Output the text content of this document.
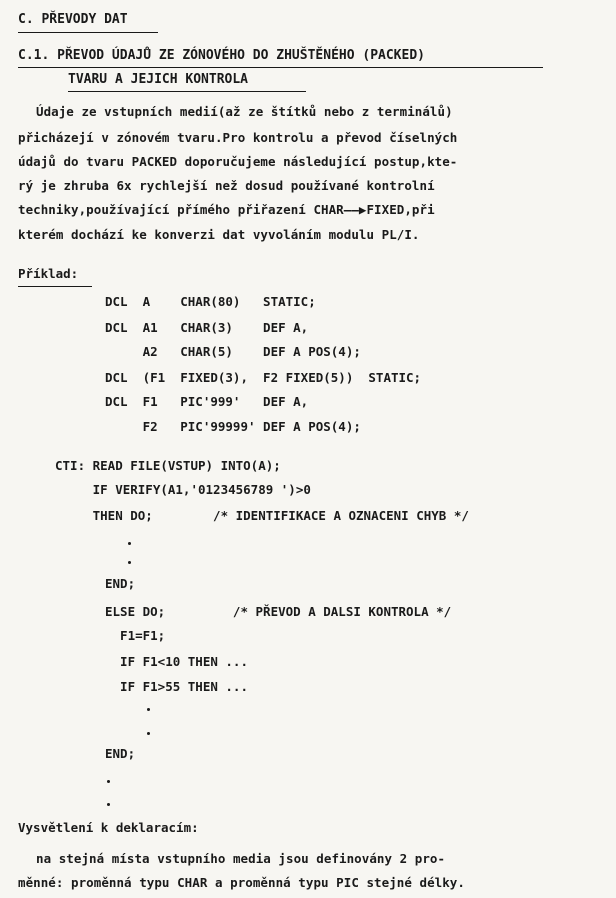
C. PŘEVODY DAT
C.1. PŘEVOD ÚDAJŮ ZE ZÓNOVÉHO DO ZHUŠTĚNÉHO (PACKED)
TVARU A JEJICH KONTROLA
Údaje ze vstupních medií(až ze štítků nebo z terminálů)
přicházejí v zónovém tvaru.Pro kontrolu a převod číselných
údajů do tvaru PACKED doporučujeme následující postup,kte-
rý je zhruba 6x rychlejší než dosud používané kontrolní
techniky,používající přímého přiřazení CHAR——▶FIXED,při
kterém dochází ke konverzi dat vyvoláním modulu PL/I.
Příklad:
DCL  A    CHAR(80)   STATIC;
DCL  A1   CHAR(3)    DEF A,
A2   CHAR(5)    DEF A POS(4);
DCL  (F1  FIXED(3),  F2 FIXED(5))  STATIC;
DCL  F1   PIC'999'   DEF A,
F2   PIC'99999' DEF A POS(4);
CTI: READ FILE(VSTUP) INTO(A);
IF VERIFY(A1,'0123456789 ')>0
THEN DO;        /* IDENTIFIKACE A OZNACENI CHYB */
END;
ELSE DO;         /* PŘEVOD A DALSI KONTROLA */
F1=F1;
IF F1<10 THEN ...
IF F1>55 THEN ...
END;
Vysvětlení k deklaracím:
na stejná místa vstupního media jsou definovány 2 pro-
měnné: proměnná typu CHAR a proměnná typu PIC stejné délky.
